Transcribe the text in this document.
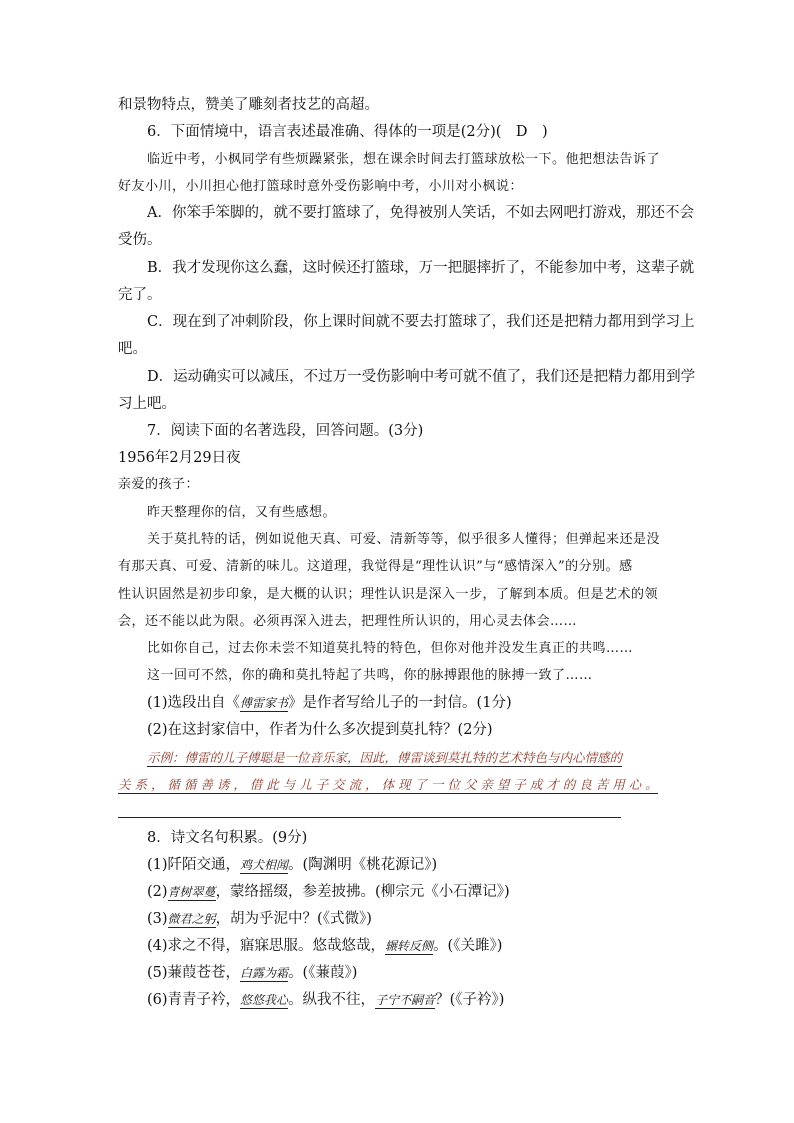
和景物特点，赞美了雕刻者技艺的高超。
6．下面情境中，语言表述最准确、得体的一项是(2分)(　D　)
临近中考，小枫同学有些烦躁紧张，想在课余时间去打篮球放松一下。他把想法告诉了
好友小川，小川担心他打篮球时意外受伤影响中考，小川对小枫说：
A．你笨手笨脚的，就不要打篮球了，免得被别人笑话，不如去网吧打游戏，那还不会
受伤。
B．我才发现你这么蠢，这时候还打篮球，万一把腿摔折了，不能参加中考，这辈子就
完了。
C．现在到了冲刺阶段，你上课时间就不要去打篮球了，我们还是把精力都用到学习上
吧。
D．运动确实可以减压，不过万一受伤影响中考可就不值了，我们还是把精力都用到学
习上吧。
7．阅读下面的名著选段，回答问题。(3分)
1956年2月29日夜
亲爱的孩子：
昨天整理你的信，又有些感想。
关于莫扎特的话，例如说他天真、可爱、清新等等，似乎很多人懂得；但弹起来还是没
有那天真、可爱、清新的味儿。这道理，我觉得是“理性认识”与“感情深入”的分别。感
性认识固然是初步印象，是大概的认识；理性认识是深入一步，了解到本质。但是艺术的领
会，还不能以此为限。必须再深入进去，把理性所认识的，用心灵去体会……
比如你自己，过去你未尝不知道莫扎特的特色，但你对他并没发生真正的共鸣……
这一回可不然，你的确和莫扎特起了共鸣，你的脉搏跟他的脉搏一致了……
(1)选段出自《傅雷家书》是作者写给儿子的一封信。(1分)
(2)在这封家信中，作者为什么多次提到莫扎特？(2分)
示例：傅雷的儿子傅聪是一位音乐家，因此，傅雷谈到莫扎特的艺术特色与内心情感的
关 系 ， 循 循 善 诱 ， 借 此 与 儿 子 交 流 ， 体 现 了 一 位 父 亲 望 子 成 才 的 良 苦 用 心 。
8．诗文名句积累。(9分)
(1)阡陌交通，鸡犬相闻。(陶渊明《桃花源记》)
(2)青树翠蔓，蒙络摇缀，参差披拂。(柳宗元《小石潭记》)
(3)微君之躬，胡为乎泥中？(《式微》)
(4)求之不得，寤寐思服。悠哉悠哉，辗转反侧。(《关雎》)
(5)蒹葭苍苍，白露为霜。(《蒹葭》)
(6)青青子衿，悠悠我心。纵我不往，子宁不嗣音？(《子衿》)
